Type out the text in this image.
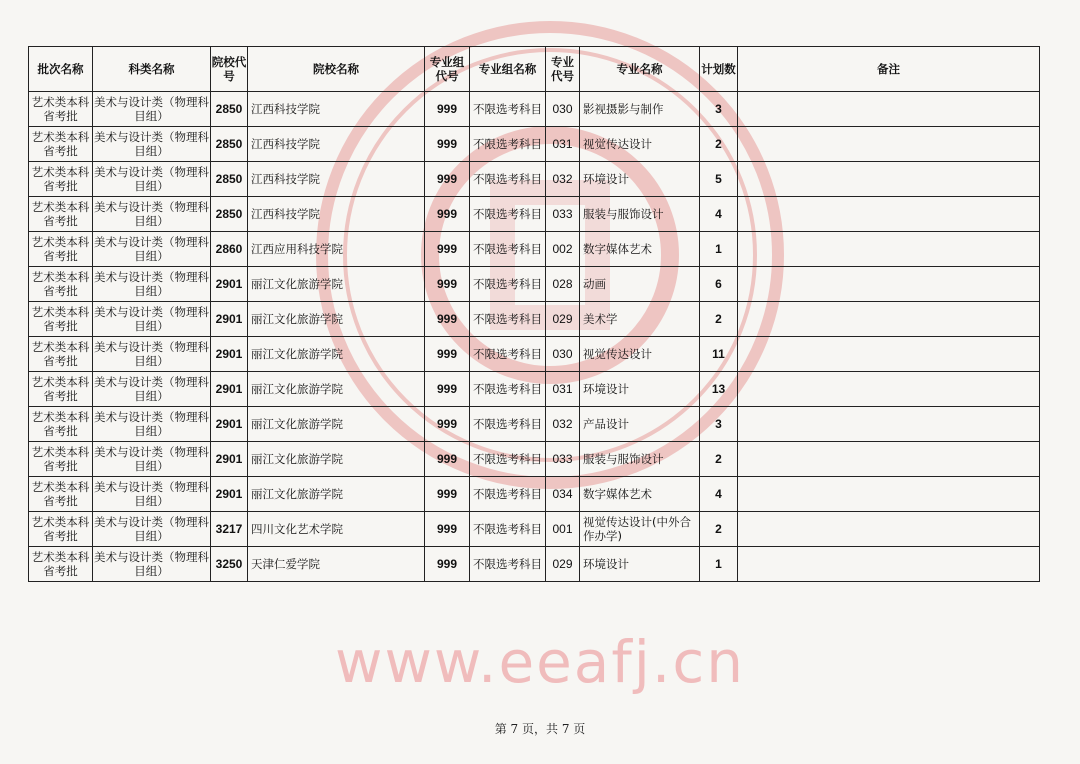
www.eeafj.cn
批次名称	科类名称	院校代号	院校名称	专业组代号	专业组名称	专业代号	专业名称	计划数	备注
艺术类本科省考批	美术与设计类（物理科目组）	2850	江西科技学院	999	不限选考科目	030	影视摄影与制作	3	
艺术类本科省考批	美术与设计类（物理科目组）	2850	江西科技学院	999	不限选考科目	031	视觉传达设计	2	
艺术类本科省考批	美术与设计类（物理科目组）	2850	江西科技学院	999	不限选考科目	032	环境设计	5	
艺术类本科省考批	美术与设计类（物理科目组）	2850	江西科技学院	999	不限选考科目	033	服装与服饰设计	4	
艺术类本科省考批	美术与设计类（物理科目组）	2860	江西应用科技学院	999	不限选考科目	002	数字媒体艺术	1	
艺术类本科省考批	美术与设计类（物理科目组）	2901	丽江文化旅游学院	999	不限选考科目	028	动画	6	
艺术类本科省考批	美术与设计类（物理科目组）	2901	丽江文化旅游学院	999	不限选考科目	029	美术学	2	
艺术类本科省考批	美术与设计类（物理科目组）	2901	丽江文化旅游学院	999	不限选考科目	030	视觉传达设计	11	
艺术类本科省考批	美术与设计类（物理科目组）	2901	丽江文化旅游学院	999	不限选考科目	031	环境设计	13	
艺术类本科省考批	美术与设计类（物理科目组）	2901	丽江文化旅游学院	999	不限选考科目	032	产品设计	3	
艺术类本科省考批	美术与设计类（物理科目组）	2901	丽江文化旅游学院	999	不限选考科目	033	服装与服饰设计	2	
艺术类本科省考批	美术与设计类（物理科目组）	2901	丽江文化旅游学院	999	不限选考科目	034	数字媒体艺术	4	
艺术类本科省考批	美术与设计类（物理科目组）	3217	四川文化艺术学院	999	不限选考科目	001	视觉传达设计(中外合作办学)	2	
艺术类本科省考批	美术与设计类（物理科目组）	3250	天津仁爱学院	999	不限选考科目	029	环境设计	1	
第 7 页，共 7 页
